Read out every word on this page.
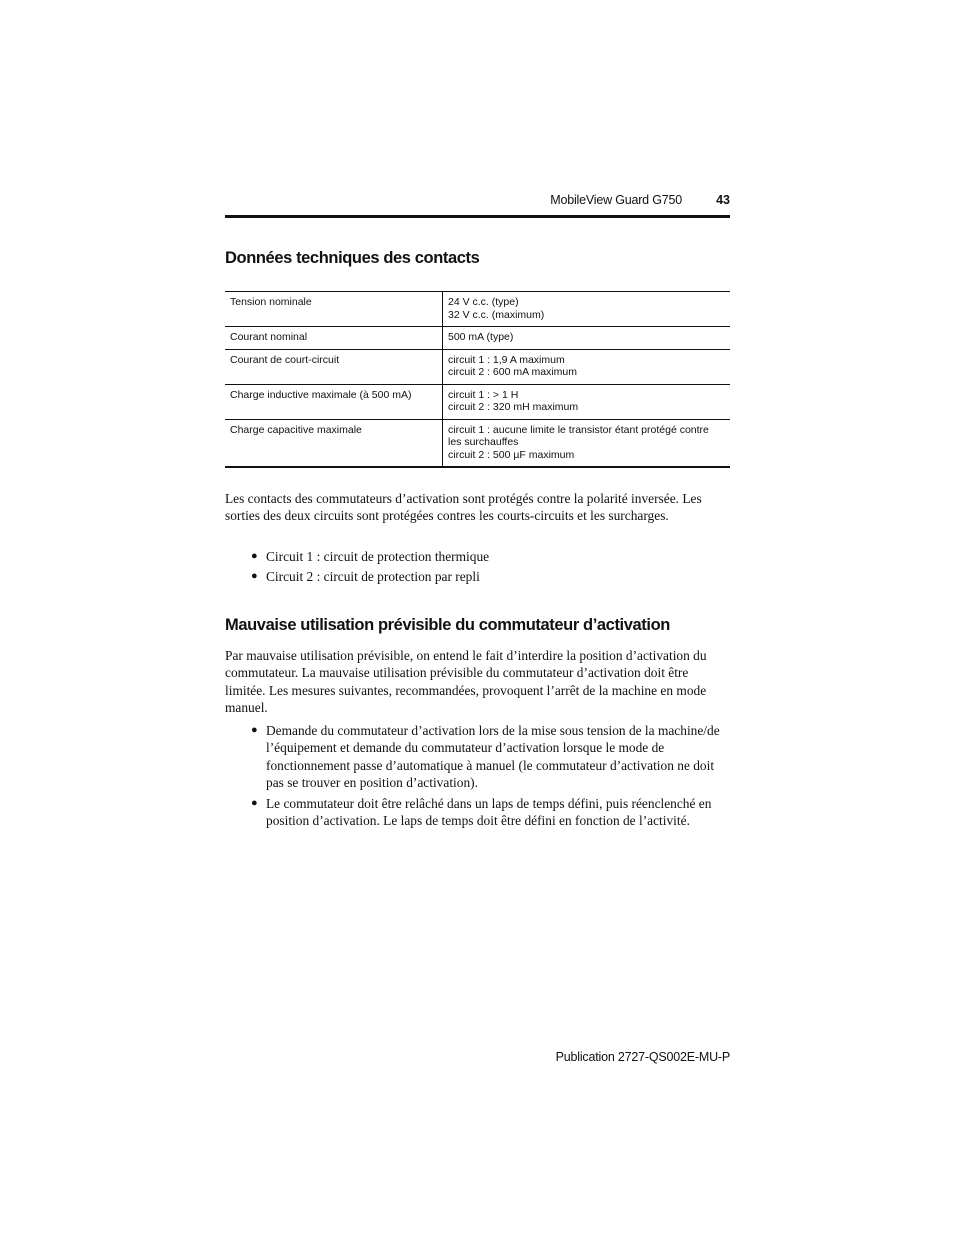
MobileView Guard G750	43
Données techniques des contacts
Tension nominale	24 V c.c. (type)
32 V c.c. (maximum)

Courant nominal	500 mA (type)

Courant de court-circuit	circuit 1 : 1,9 A maximum
circuit 2 : 600 mA maximum

Charge inductive maximale (à 500 mA)	circuit 1 : > 1 H
circuit 2 : 320 mH maximum

Charge capacitive maximale	circuit 1 : aucune limite le transistor étant protégé contre les surchauffes
circuit 2 : 500 µF maximum

Les contacts des commutateurs d’activation sont protégés contre la polarité inversée. Les sorties des deux circuits sont protégées contres les courts-circuits et les surcharges.

● Circuit 1 : circuit de protection thermique
● Circuit 2 : circuit de protection par repli
Mauvaise utilisation prévisible du commutateur d’activation

Par mauvaise utilisation prévisible, on entend le fait d’interdire la position d’activation du commutateur. La mauvaise utilisation prévisible du commutateur d’activation doit être limitée. Les mesures suivantes, recommandées, provoquent l’arrêt de la machine en mode manuel.

● Demande du commutateur d’activation lors de la mise sous tension de la machine/de l’équipement et demande du commutateur d’activation lorsque le mode de fonctionnement passe d’automatique à manuel (le commutateur d’activation ne doit pas se trouver en position d’activation).
● Le commutateur doit être relâché dans un laps de temps défini, puis réenclenché en position d’activation. Le laps de temps doit être défini en fonction de l’activité.
Publication 2727-QS002E-MU-P
